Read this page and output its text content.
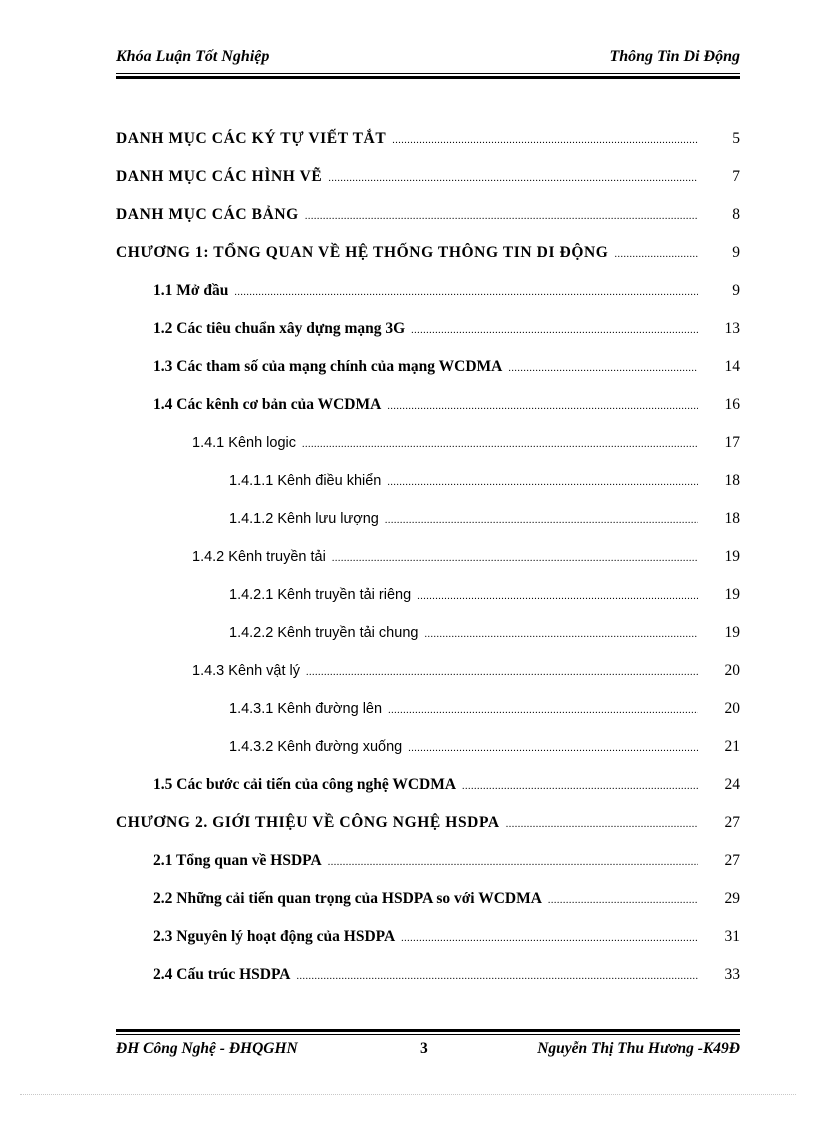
Khóa Luận Tốt Nghiệp	Thông Tin Di Động
DANH MỤC CÁC KÝ TỰ VIẾT TẮT .....	5
DANH MỤC CÁC HÌNH VẼ .....	7
DANH MỤC CÁC BẢNG .....	8
CHƯƠNG 1: TỔNG QUAN VỀ HỆ THỐNG THÔNG TIN DI ĐỘNG .....	9
1.1 Mở đầu .....	9
1.2 Các tiêu chuẩn xây dựng mạng 3G .....	13
1.3 Các tham số của mạng chính của mạng WCDMA .....	14
1.4 Các kênh cơ bản của WCDMA .....	16
1.4.1 Kênh logic .....	17
1.4.1.1 Kênh điều khiển .....	18
1.4.1.2 Kênh lưu lượng .....	18
1.4.2 Kênh truyền tải .....	19
1.4.2.1 Kênh truyền tải riêng .....	19
1.4.2.2 Kênh truyền tải chung .....	19
1.4.3 Kênh vật lý .....	20
1.4.3.1 Kênh đường lên .....	20
1.4.3.2 Kênh đường xuống .....	21
1.5 Các bước cải tiến của công nghệ WCDMA .....	24
CHƯƠNG 2. GIỚI THIỆU VỀ CÔNG NGHỆ HSDPA .....	27
2.1 Tổng quan về HSDPA .....	27
2.2 Những cải tiến quan trọng của HSDPA so với WCDMA .....	29
2.3 Nguyên lý hoạt động của HSDPA .....	31
2.4 Cấu trúc HSDPA .....	33
ĐH Công Nghệ - ĐHQGHN	3	Nguyễn Thị Thu Hương -K49Đ
